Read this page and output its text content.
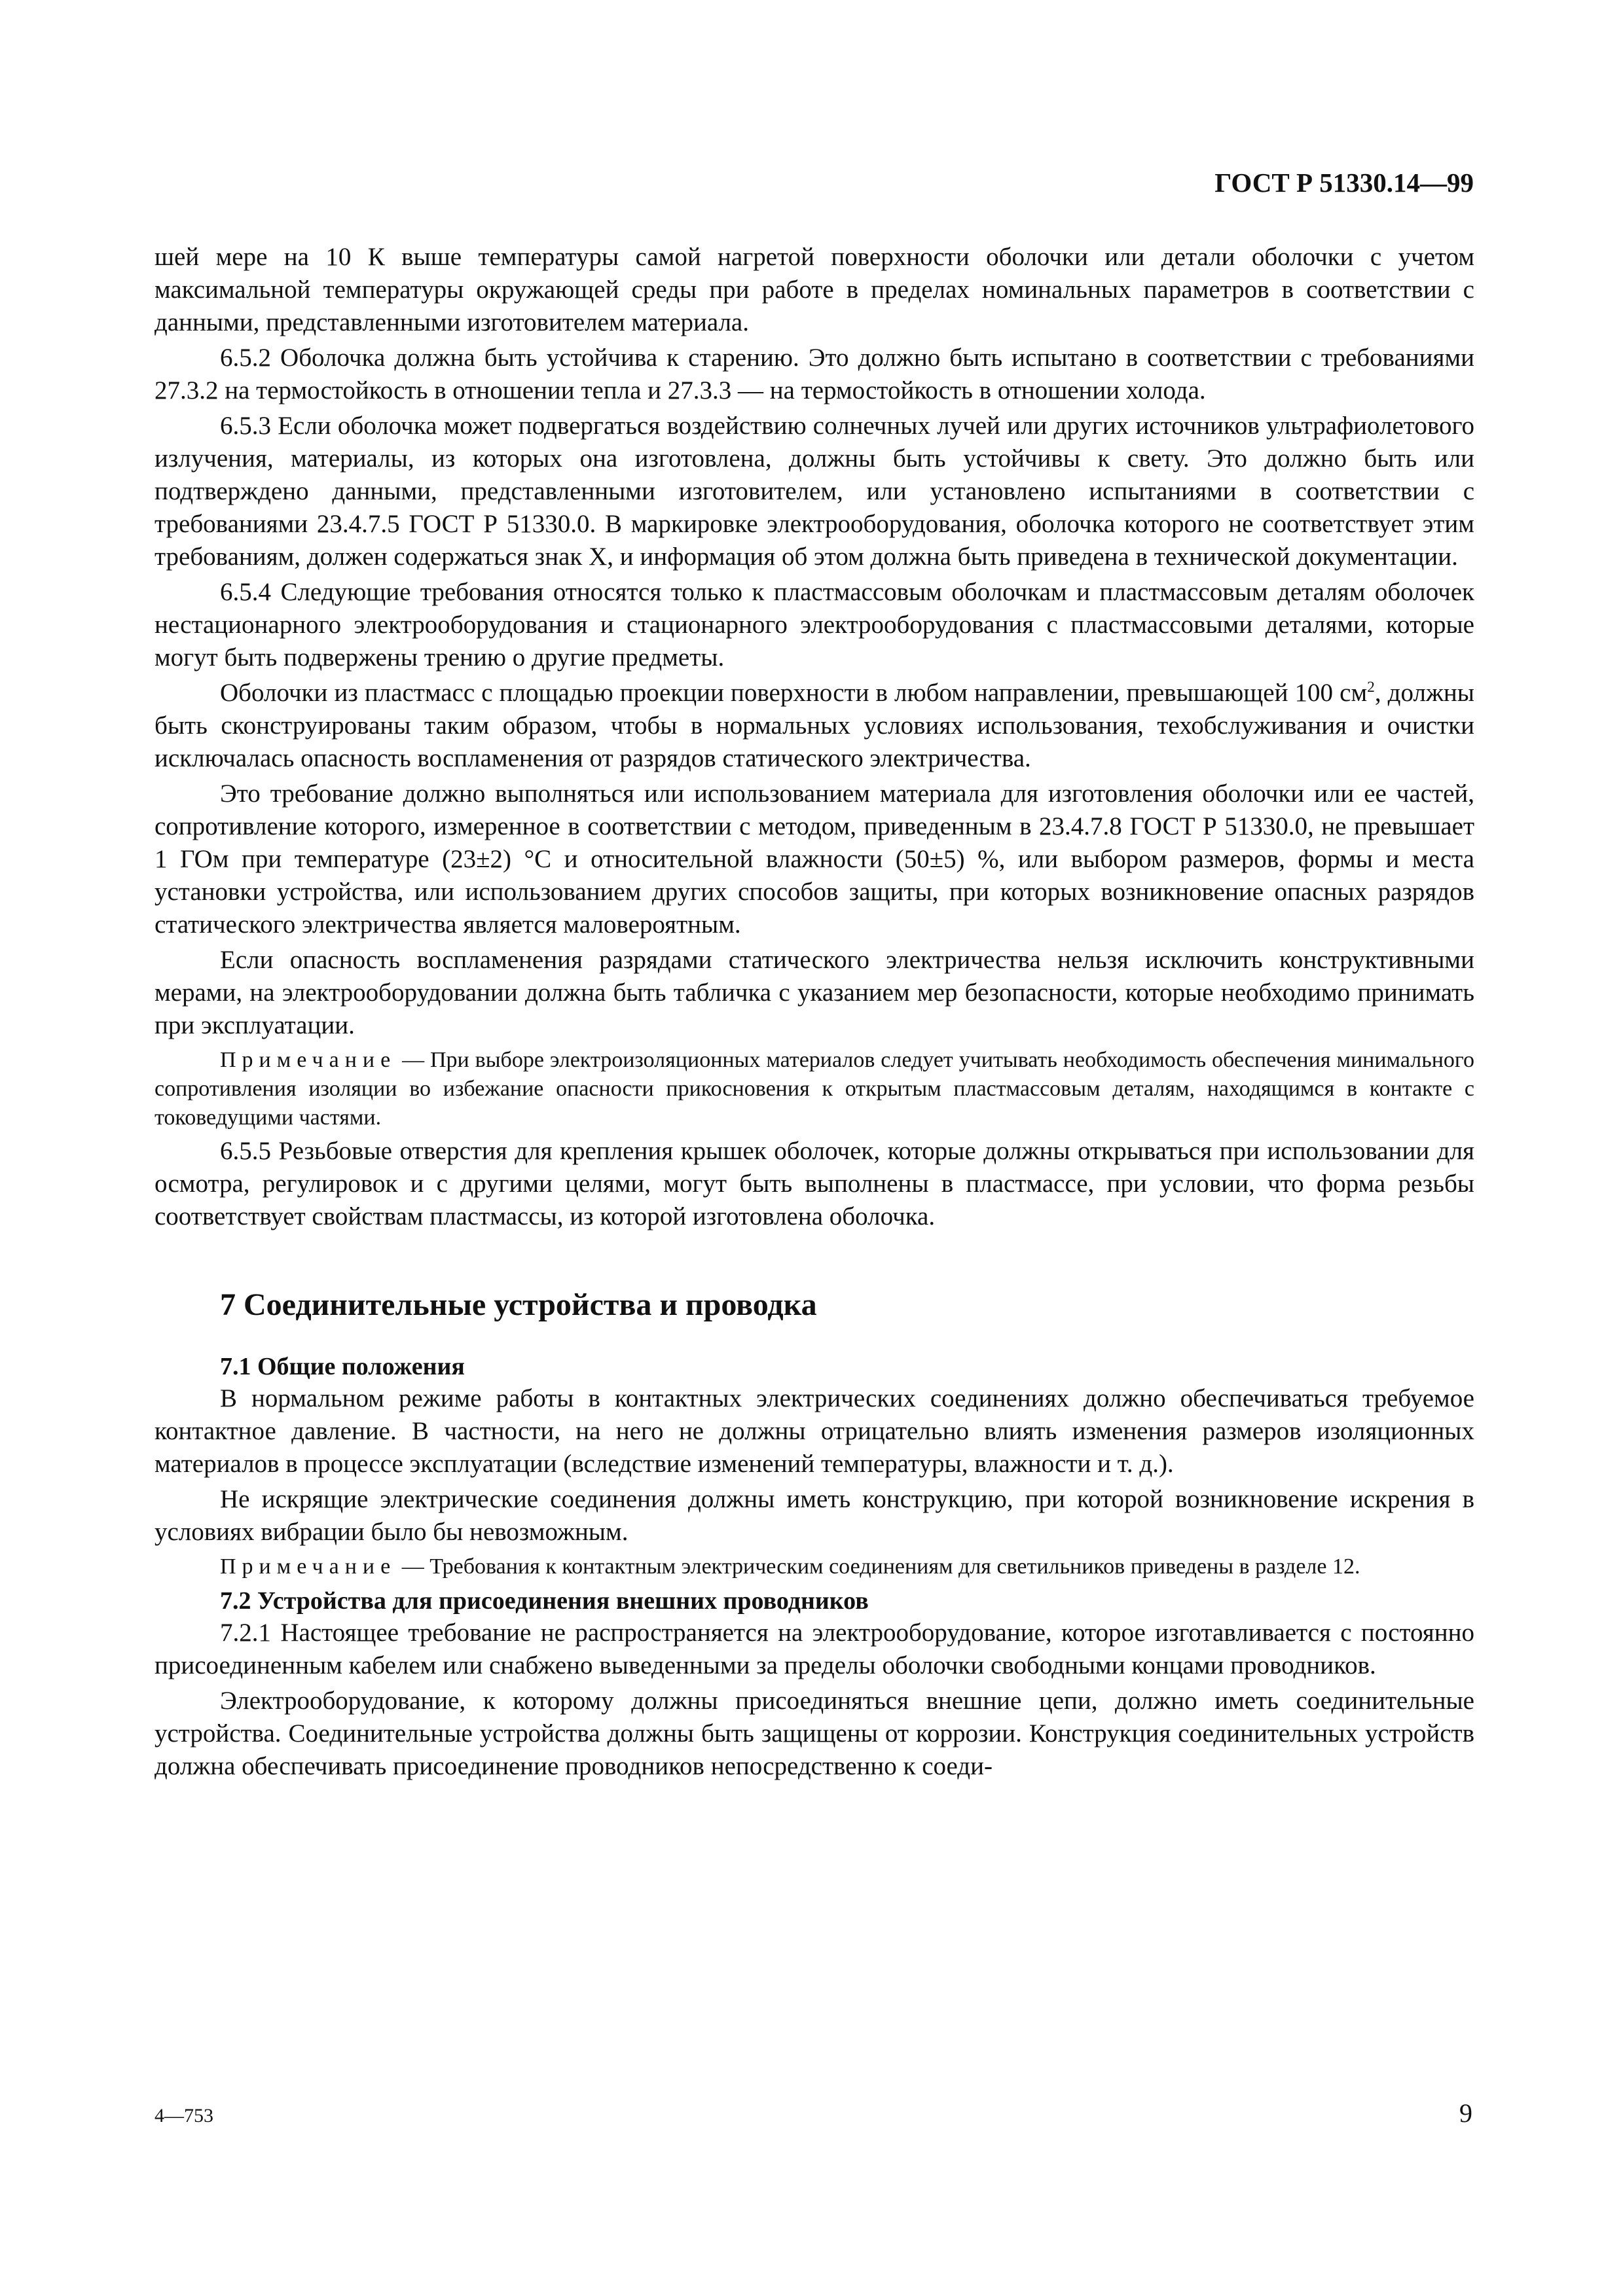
ГОСТ Р 51330.14—99

шей мере на 10 К выше температуры самой нагретой поверхности оболочки или детали оболочки с учетом максимальной температуры окружающей среды при работе в пределах номинальных параметров в соответствии с данными, представленными изготовителем материала.

6.5.2 Оболочка должна быть устойчива к старению. Это должно быть испытано в соответствии с требованиями 27.3.2 на термостойкость в отношении тепла и 27.3.3 — на термостойкость в отношении холода.

6.5.3 Если оболочка может подвергаться воздействию солнечных лучей или других источников ультрафиолетового излучения, материалы, из которых она изготовлена, должны быть устойчивы к свету. Это должно быть или подтверждено данными, представленными изготовителем, или установлено испытаниями в соответствии с требованиями 23.4.7.5 ГОСТ Р 51330.0. В маркировке электрооборудования, оболочка которого не соответствует этим требованиям, должен содержаться знак X, и информация об этом должна быть приведена в технической документации.

6.5.4 Следующие требования относятся только к пластмассовым оболочкам и пластмассовым деталям оболочек нестационарного электрооборудования и стационарного электрооборудования с пластмассовыми деталями, которые могут быть подвержены трению о другие предметы.

Оболочки из пластмасс с площадью проекции поверхности в любом направлении, превышающей 100 $см^2$, должны быть сконструированы таким образом, чтобы в нормальных условиях использования, техобслуживания и очистки исключалась опасность воспламенения от разрядов статического электричества.

Это требование должно выполняться или использованием материала для изготовления оболочки или ее частей, сопротивление которого, измеренное в соответствии с методом, приведенным в 23.4.7.8 ГОСТ Р 51330.0, не превышает 1 ГОм при температуре (23±2) °С и относительной влажности (50±5) %, или выбором размеров, формы и места установки устройства, или использованием других способов защиты, при которых возникновение опасных разрядов статического электричества является маловероятным.

Если опасность воспламенения разрядами статического электричества нельзя исключить конструктивными мерами, на электрооборудовании должна быть табличка с указанием мер безопасности, которые необходимо принимать при эксплуатации.

Примечание — При выборе электроизоляционных материалов следует учитывать необходимость обеспечения минимального сопротивления изоляции во избежание опасности прикосновения к открытым пластмассовым деталям, находящимся в контакте с токоведущими частями.

6.5.5 Резьбовые отверстия для крепления крышек оболочек, которые должны открываться при использовании для осмотра, регулировок и с другими целями, могут быть выполнены в пластмассе, при условии, что форма резьбы соответствует свойствам пластмассы, из которой изготовлена оболочка.

7 Соединительные устройства и проводка
7.1 Общие положения

В нормальном режиме работы в контактных электрических соединениях должно обеспечиваться требуемое контактное давление. В частности, на него не должны отрицательно влиять изменения размеров изоляционных материалов в процессе эксплуатации (вследствие изменений температуры, влажности и т. д.).

Не искрящие электрические соединения должны иметь конструкцию, при которой возникновение искрения в условиях вибрации было бы невозможным.

Примечание — Требования к контактным электрическим соединениям для светильников приведены в разделе 12.

7.2 Устройства для присоединения внешних проводников

7.2.1 Настоящее требование не распространяется на электрооборудование, которое изготавливается с постоянно присоединенным кабелем или снабжено выведенными за пределы оболочки свободными концами проводников.

Электрооборудование, к которому должны присоединяться внешние цепи, должно иметь соединительные устройства. Соединительные устройства должны быть защищены от коррозии. Конструкция соединительных устройств должна обеспечивать присоединение проводников непосредственно к соеди-

4—753	9
